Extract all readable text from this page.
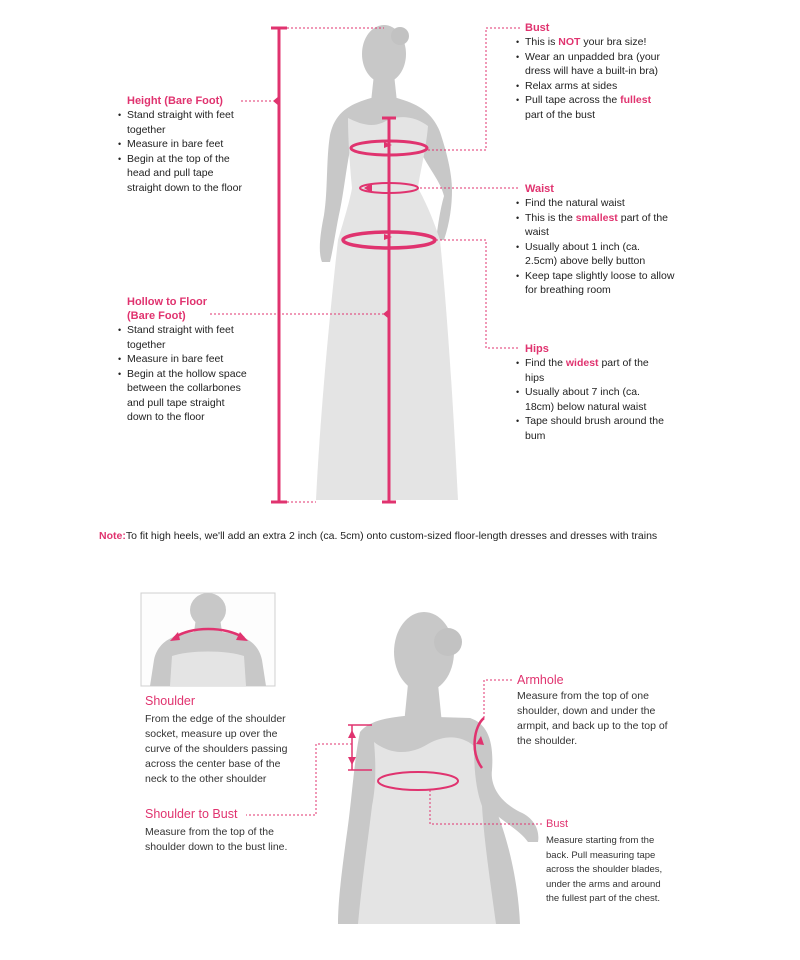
Height (Bare Foot)
• Stand straight with feet together
• Measure in bare feet
• Begin at the top of the head and pull tape straight down to the floor
Hollow to Floor
(Bare Foot)
• Stand straight with feet together
• Measure in bare feet
• Begin at the hollow space between the collarbones and pull tape straight down to the floor
Bust
• This is NOT your bra size!
• Wear an unpadded bra (your dress will have a built-in bra)
• Relax arms at sides
• Pull tape across the fullest part of the bust
Waist
• Find the natural waist
• This is the smallest part of the waist
• Usually about 1 inch (ca. 2.5cm) above belly button
• Keep tape slightly loose to allow for breathing room
Hips
• Find the widest part of the hips
• Usually about 7 inch (ca. 18cm) below natural waist
• Tape should brush around the bum
Note:To fit high heels, we'll add an extra 2 inch (ca. 5cm) onto custom-sized floor-length dresses and dresses with trains
Shoulder
From the edge of the shoulder socket, measure up over the curve of the shoulders passing across the center base of the neck to the other shoulder
Shoulder to Bust
Measure from the top of the shoulder down to the bust line.
Armhole
Measure from the top of one shoulder, down and under the armpit, and back up to the top of the shoulder.
Bust
Measure starting from the back. Pull measuring tape across the shoulder blades, under the arms and around the fullest part of the chest.
